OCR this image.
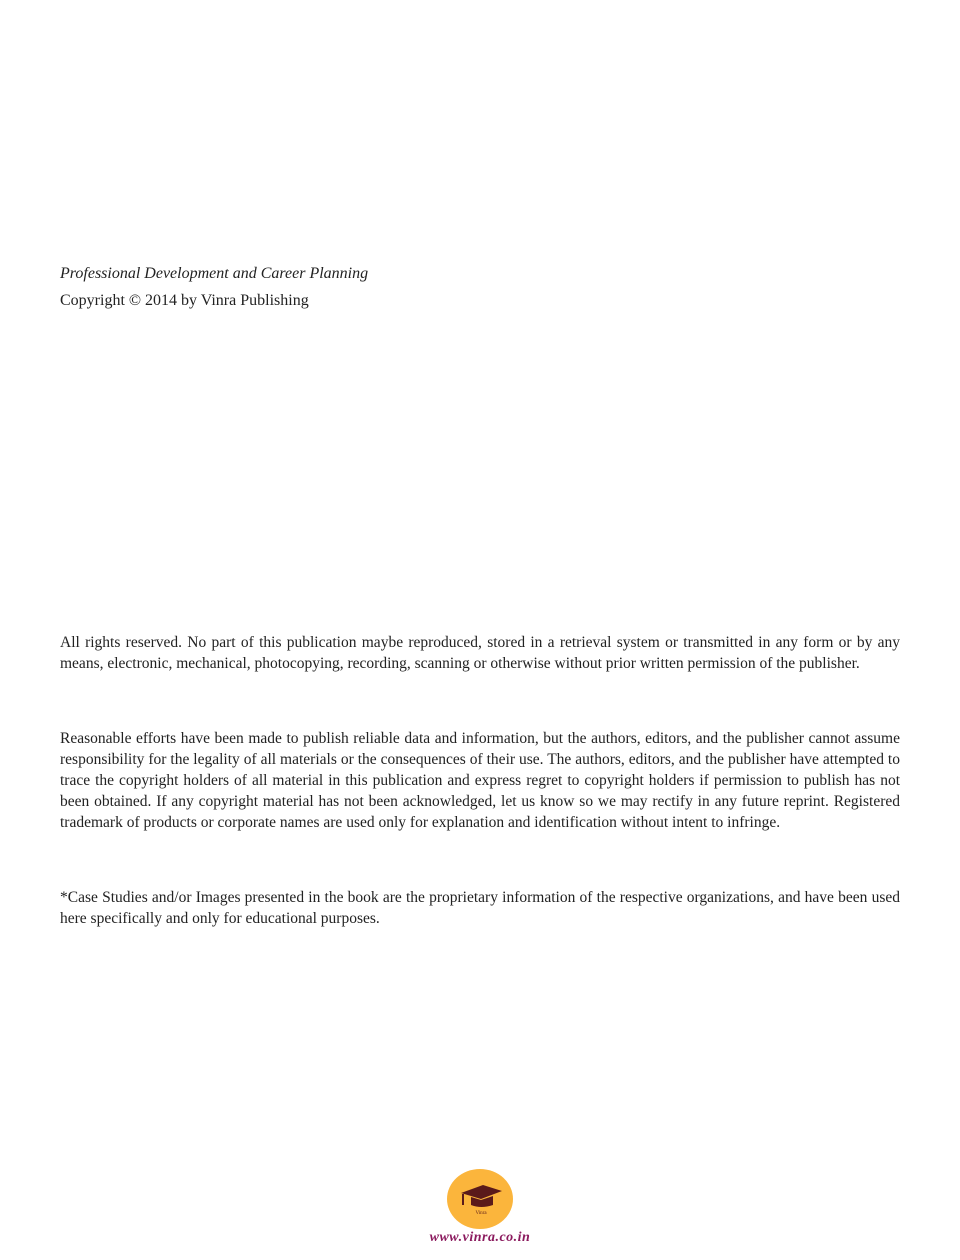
Professional Development and Career Planning
Copyright © 2014 by Vinra Publishing
All rights reserved. No part of this publication maybe reproduced, stored in a retrieval system or transmitted in any form or by any means, electronic, mechanical, photocopying, recording, scanning or otherwise without prior written permission of the publisher.
Reasonable efforts have been made to publish reliable data and information, but the authors, editors, and the publisher cannot assume responsibility for the legality of all materials or the consequences of their use. The authors, editors, and the publisher have attempted to trace the copyright holders of all material in this publication and express regret to copyright holders if permission to publish has not been obtained. If any copyright material has not been acknowledged, let us know so we may rectify in any future reprint. Registered trademark of products or corporate names are used only for explanation and identification without intent to infringe.
*Case Studies and/or Images presented in the book are the proprietary information of the respective organizations, and have been used here specifically and only for educational purposes.
Vinra
www.vinra.co.in
